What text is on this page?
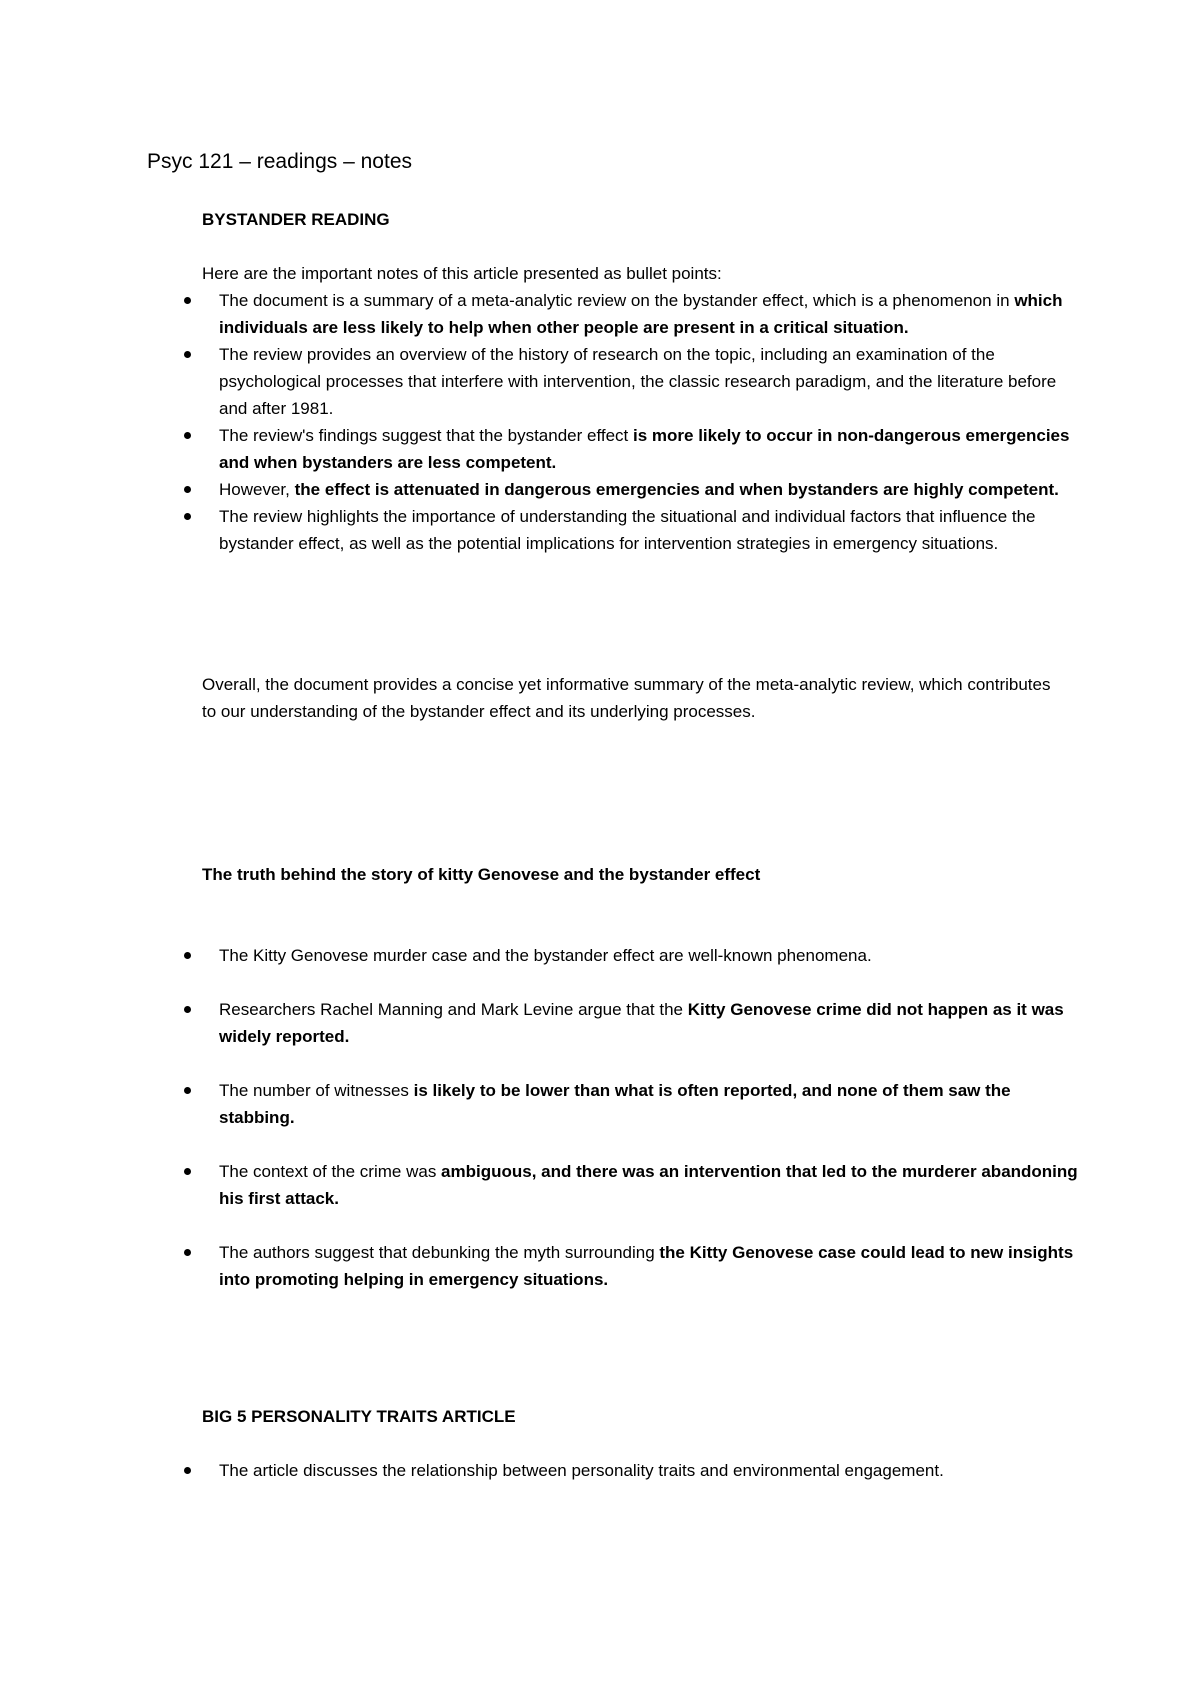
Psyc 121 – readings – notes
BYSTANDER READING

Here are the important notes of this article presented as bullet points:

The document is a summary of a meta-analytic review on the bystander effect, which is a phenomenon in which individuals are less likely to help when other people are present in a critical situation.
The review provides an overview of the history of research on the topic, including an examination of the psychological processes that interfere with intervention, the classic research paradigm, and the literature before and after 1981.
The review's findings suggest that the bystander effect is more likely to occur in non-dangerous emergencies and when bystanders are less competent.
However, the effect is attenuated in dangerous emergencies and when bystanders are highly competent.
The review highlights the importance of understanding the situational and individual factors that influence the bystander effect, as well as the potential implications for intervention strategies in emergency situations.

Overall, the document provides a concise yet informative summary of the meta-analytic review, which contributes to our understanding of the bystander effect and its underlying processes.

The truth behind the story of kitty Genovese and the bystander effect
The Kitty Genovese murder case and the bystander effect are well-known phenomena.
Researchers Rachel Manning and Mark Levine argue that the Kitty Genovese crime did not happen as it was widely reported.
The number of witnesses is likely to be lower than what is often reported, and none of them saw the stabbing.
The context of the crime was ambiguous, and there was an intervention that led to the murderer abandoning his first attack.
The authors suggest that debunking the myth surrounding the Kitty Genovese case could lead to new insights into promoting helping in emergency situations.
BIG 5 PERSONALITY TRAITS ARTICLE
The article discusses the relationship between personality traits and environmental engagement.
